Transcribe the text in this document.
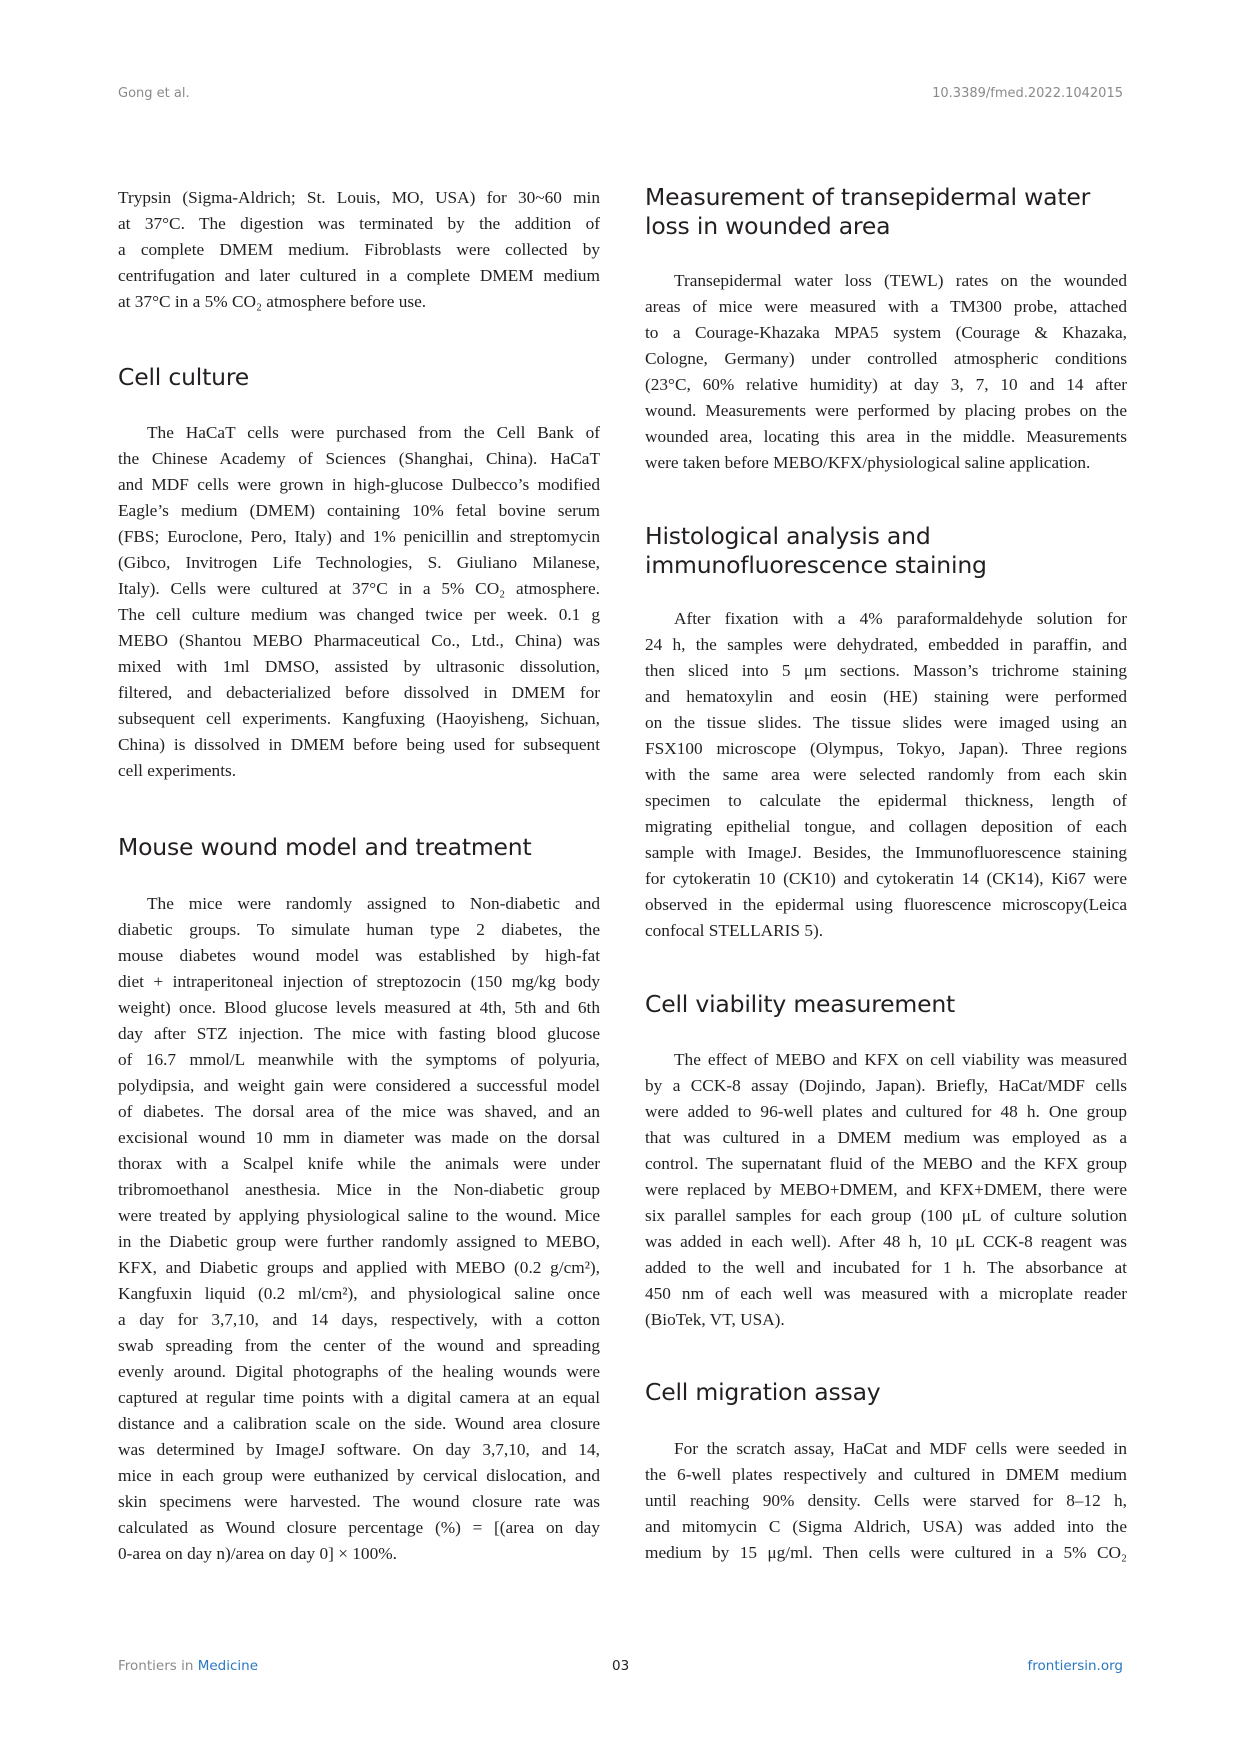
Gong et al.	10.3389/fmed.2022.1042015
Trypsin (Sigma-Aldrich; St. Louis, MO, USA) for 30~60 min
at 37°C. The digestion was terminated by the addition of
a complete DMEM medium. Fibroblasts were collected by
centrifugation and later cultured in a complete DMEM medium
at 37°C in a 5% CO₂ atmosphere before use.
Cell culture
The HaCaT cells were purchased from the Cell Bank of
the Chinese Academy of Sciences (Shanghai, China). HaCaT
and MDF cells were grown in high-glucose Dulbecco’s modified
Eagle’s medium (DMEM) containing 10% fetal bovine serum
(FBS; Euroclone, Pero, Italy) and 1% penicillin and streptomycin
(Gibco, Invitrogen Life Technologies, S. Giuliano Milanese,
Italy). Cells were cultured at 37°C in a 5% CO₂ atmosphere.
The cell culture medium was changed twice per week. 0.1 g
MEBO (Shantou MEBO Pharmaceutical Co., Ltd., China) was
mixed with 1ml DMSO, assisted by ultrasonic dissolution,
filtered, and debacterialized before dissolved in DMEM for
subsequent cell experiments. Kangfuxing (Haoyisheng, Sichuan,
China) is dissolved in DMEM before being used for subsequent
cell experiments.
Mouse wound model and treatment
The mice were randomly assigned to Non-diabetic and
diabetic groups. To simulate human type 2 diabetes, the
mouse diabetes wound model was established by high-fat
diet + intraperitoneal injection of streptozocin (150 mg/kg body
weight) once. Blood glucose levels measured at 4th, 5th and 6th
day after STZ injection. The mice with fasting blood glucose
of 16.7 mmol/L meanwhile with the symptoms of polyuria,
polydipsia, and weight gain were considered a successful model
of diabetes. The dorsal area of the mice was shaved, and an
excisional wound 10 mm in diameter was made on the dorsal
thorax with a Scalpel knife while the animals were under
tribromoethanol anesthesia. Mice in the Non-diabetic group
were treated by applying physiological saline to the wound. Mice
in the Diabetic group were further randomly assigned to MEBO,
KFX, and Diabetic groups and applied with MEBO (0.2 g/cm²),
Kangfuxin liquid (0.2 ml/cm²), and physiological saline once
a day for 3,7,10, and 14 days, respectively, with a cotton
swab spreading from the center of the wound and spreading
evenly around. Digital photographs of the healing wounds were
captured at regular time points with a digital camera at an equal
distance and a calibration scale on the side. Wound area closure
was determined by ImageJ software. On day 3,7,10, and 14,
mice in each group were euthanized by cervical dislocation, and
skin specimens were harvested. The wound closure rate was
calculated as Wound closure percentage (%) = [(area on day
0-area on day n)/area on day 0] × 100%.
Measurement of transepidermal water
loss in wounded area
Transepidermal water loss (TEWL) rates on the wounded
areas of mice were measured with a TM300 probe, attached
to a Courage-Khazaka MPA5 system (Courage & Khazaka,
Cologne, Germany) under controlled atmospheric conditions
(23°C, 60% relative humidity) at day 3, 7, 10 and 14 after
wound. Measurements were performed by placing probes on the
wounded area, locating this area in the middle. Measurements
were taken before MEBO/KFX/physiological saline application.
Histological analysis and
immunofluorescence staining
After fixation with a 4% paraformaldehyde solution for
24 h, the samples were dehydrated, embedded in paraffin, and
then sliced into 5 μm sections. Masson’s trichrome staining
and hematoxylin and eosin (HE) staining were performed
on the tissue slides. The tissue slides were imaged using an
FSX100 microscope (Olympus, Tokyo, Japan). Three regions
with the same area were selected randomly from each skin
specimen to calculate the epidermal thickness, length of
migrating epithelial tongue, and collagen deposition of each
sample with ImageJ. Besides, the Immunofluorescence staining
for cytokeratin 10 (CK10) and cytokeratin 14 (CK14), Ki67 were
observed in the epidermal using fluorescence microscopy(Leica
confocal STELLARIS 5).
Cell viability measurement
The effect of MEBO and KFX on cell viability was measured
by a CCK-8 assay (Dojindo, Japan). Briefly, HaCat/MDF cells
were added to 96-well plates and cultured for 48 h. One group
that was cultured in a DMEM medium was employed as a
control. The supernatant fluid of the MEBO and the KFX group
were replaced by MEBO+DMEM, and KFX+DMEM, there were
six parallel samples for each group (100 μL of culture solution
was added in each well). After 48 h, 10 μL CCK-8 reagent was
added to the well and incubated for 1 h. The absorbance at
450 nm of each well was measured with a microplate reader
(BioTek, VT, USA).
Cell migration assay
For the scratch assay, HaCat and MDF cells were seeded in
the 6-well plates respectively and cultured in DMEM medium
until reaching 90% density. Cells were starved for 8–12 h,
and mitomycin C (Sigma Aldrich, USA) was added into the
medium by 15 μg/ml. Then cells were cultured in a 5% CO₂
Frontiers in Medicine	03	frontiersin.org
